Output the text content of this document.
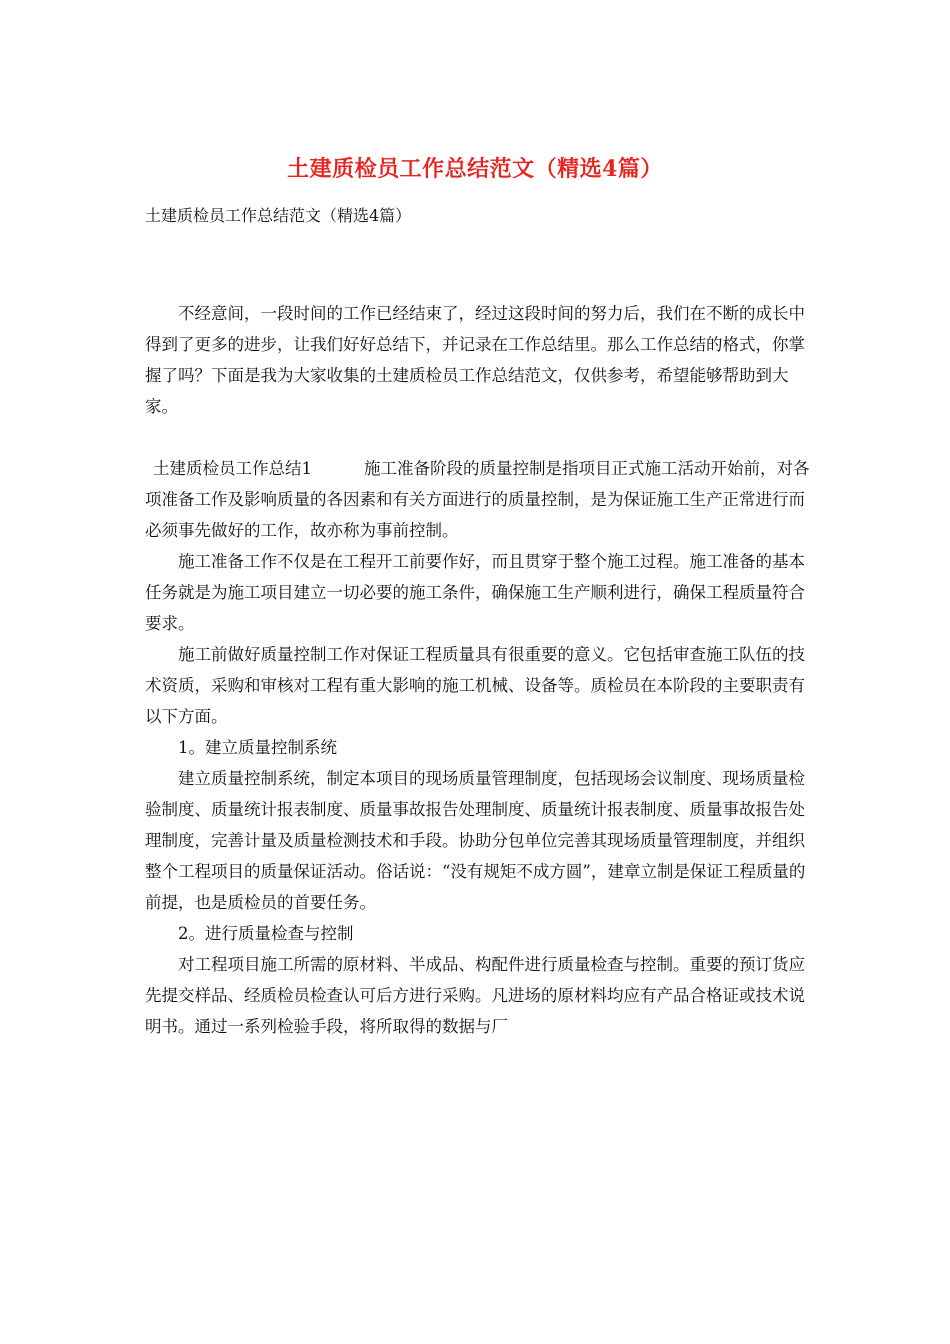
土建质检员工作总结范文（精选4篇）
土建质检员工作总结范文（精选4篇）

不经意间，一段时间的工作已经结束了，经过这段时间的努力后，我们在不断的成长中得到了更多的进步，让我们好好总结下，并记录在工作总结里。那么工作总结的格式，你掌握了吗？下面是我为大家收集的土建质检员工作总结范文，仅供参考，希望能够帮助到大家。

土建质检员工作总结1	施工准备阶段的质量控制是指项目正式施工活动开始前，对各项准备工作及影响质量的各因素和有关方面进行的质量控制，是为保证施工生产正常进行而必须事先做好的工作，故亦称为事前控制。

施工准备工作不仅是在工程开工前要作好，而且贯穿于整个施工过程。施工准备的基本任务就是为施工项目建立一切必要的施工条件，确保施工生产顺利进行，确保工程质量符合要求。

施工前做好质量控制工作对保证工程质量具有很重要的意义。它包括审查施工队伍的技术资质，采购和审核对工程有重大影响的施工机械、设备等。质检员在本阶段的主要职责有以下方面。

1。建立质量控制系统

建立质量控制系统，制定本项目的现场质量管理制度，包括现场会议制度、现场质量检验制度、质量统计报表制度、质量事故报告处理制度、质量统计报表制度、质量事故报告处理制度，完善计量及质量检测技术和手段。协助分包单位完善其现场质量管理制度，并组织整个工程项目的质量保证活动。俗话说：“没有规矩不成方圆”，建章立制是保证工程质量的前提，也是质检员的首要任务。

2。进行质量检查与控制

对工程项目施工所需的原材料、半成品、构配件进行质量检查与控制。重要的预订货应先提交样品、经质检员检查认可后方进行采购。凡进场的原材料均应有产品合格证或技术说明书。通过一系列检验手段，将所取得的数据与厂
